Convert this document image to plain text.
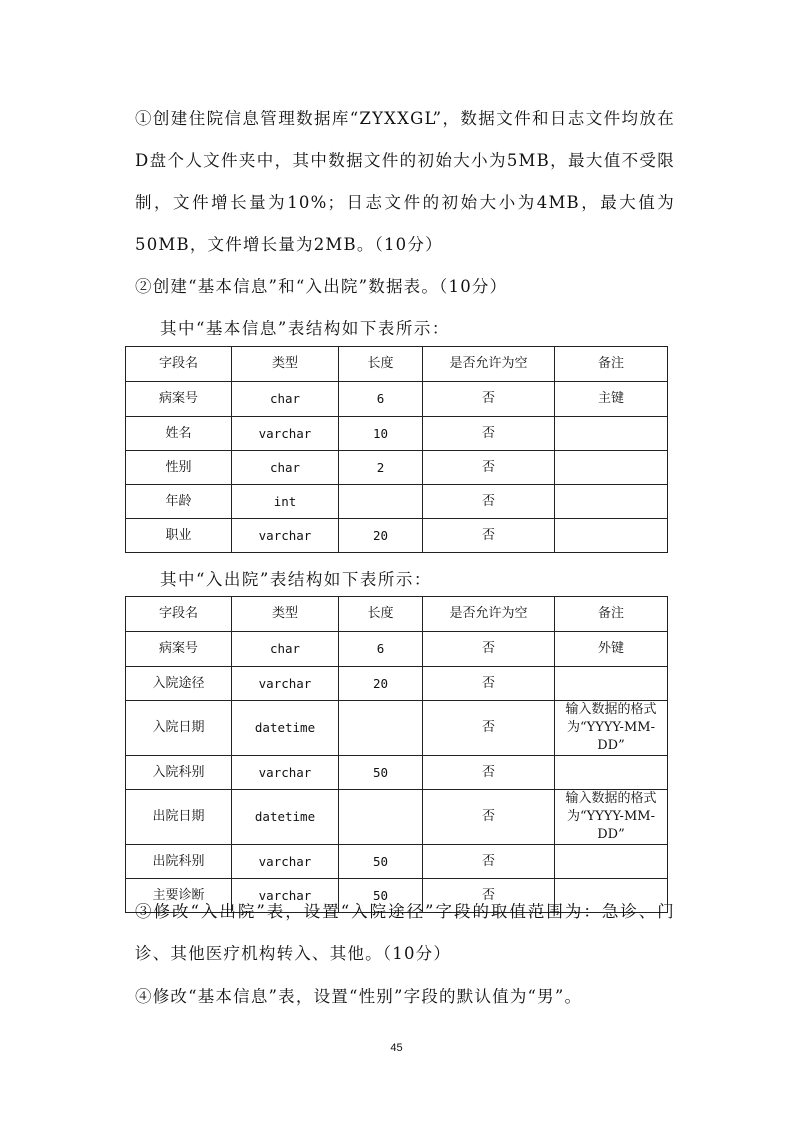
①创建住院信息管理数据库“ZYXXGL”，数据文件和日志文件均放在D盘个人文件夹中，其中数据文件的初始大小为5MB，最大值不受限制，文件增长量为10%；日志文件的初始大小为4MB，最大值为50MB，文件增长量为2MB。（10分）

②创建“基本信息”和“入出院”数据表。（10分）

其中“基本信息”表结构如下表所示：

字段名	类型	长度	是否允许为空	备注
病案号	char	6	否	主键
姓名	varchar	10	否	
性别	char	2	否	
年龄	int		否	
职业	varchar	20	否	

其中“入出院”表结构如下表所示：

字段名	类型	长度	是否允许为空	备注
病案号	char	6	否	外键
入院途径	varchar	20	否	
入院日期	datetime		否	输入数据的格式为“YYYY-MM-DD”
入院科别	varchar	50	否	
出院日期	datetime		否	输入数据的格式为“YYYY-MM-DD”
出院科别	varchar	50	否	
主要诊断	varchar	50	否	

③修改“入出院”表，设置“入院途径”字段的取值范围为：急诊、门诊、其他医疗机构转入、其他。（10分）

④修改“基本信息”表，设置“性别”字段的默认值为“男”。

45
